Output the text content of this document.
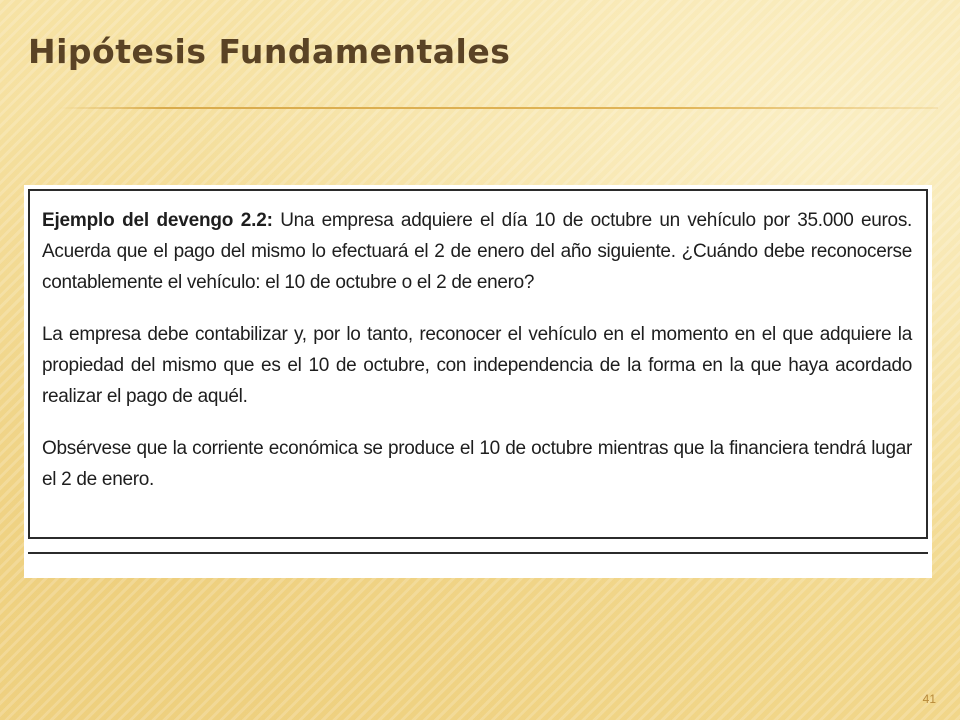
Hipótesis Fundamentales

Ejemplo del devengo 2.2: Una empresa adquiere el día 10 de octubre un vehículo por 35.000 euros. Acuerda que el pago del mismo lo efectuará el 2 de enero del año siguiente. ¿Cuándo debe reconocerse contablemente el vehículo: el 10 de octubre o el 2 de enero?

La empresa debe contabilizar y, por lo tanto, reconocer el vehículo en el momento en el que adquiere la propiedad del mismo que es el 10 de octubre, con independencia de la forma en la que haya acordado realizar el pago de aquél.

Obsérvese que la corriente económica se produce el 10 de octubre mientras que la financiera tendrá lugar el 2 de enero.

41
